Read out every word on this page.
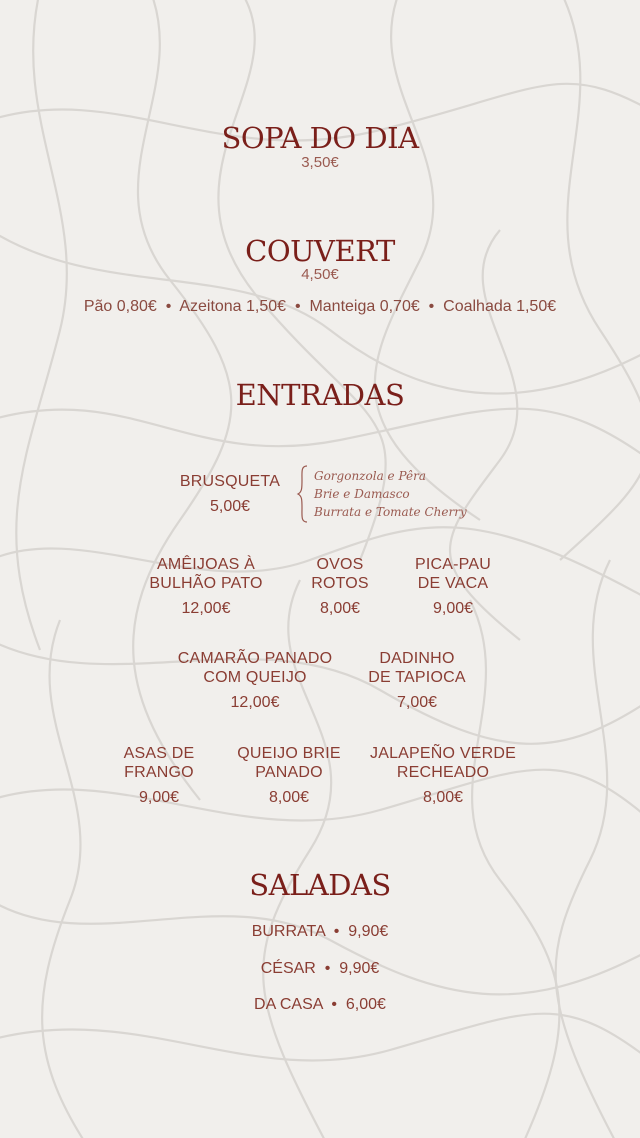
SOPA DO DIA
3,50€
COUVERT
4,50€
Pão 0,80€  •  Azeitona 1,50€  •  Manteiga 0,70€  •  Coalhada 1,50€
ENTRADAS
BRUSQUETA
5,00€
Gorgonzola e Pêra
Brie e Damasco
Burrata e Tomate Cherry
AMÊIJOAS À
BULHÃO PATO
12,00€
OVOS
ROTOS
8,00€
PICA-PAU
DE VACA
9,00€
CAMARÃO PANADO
COM QUEIJO
12,00€
DADINHO
DE TAPIOCA
7,00€
ASAS DE
FRANGO
9,00€
QUEIJO BRIE
PANADO
8,00€
JALAPEÑO VERDE
RECHEADO
8,00€
SALADAS
BURRATA  •  9,90€
CÉSAR  •  9,90€
DA CASA  •  6,00€
